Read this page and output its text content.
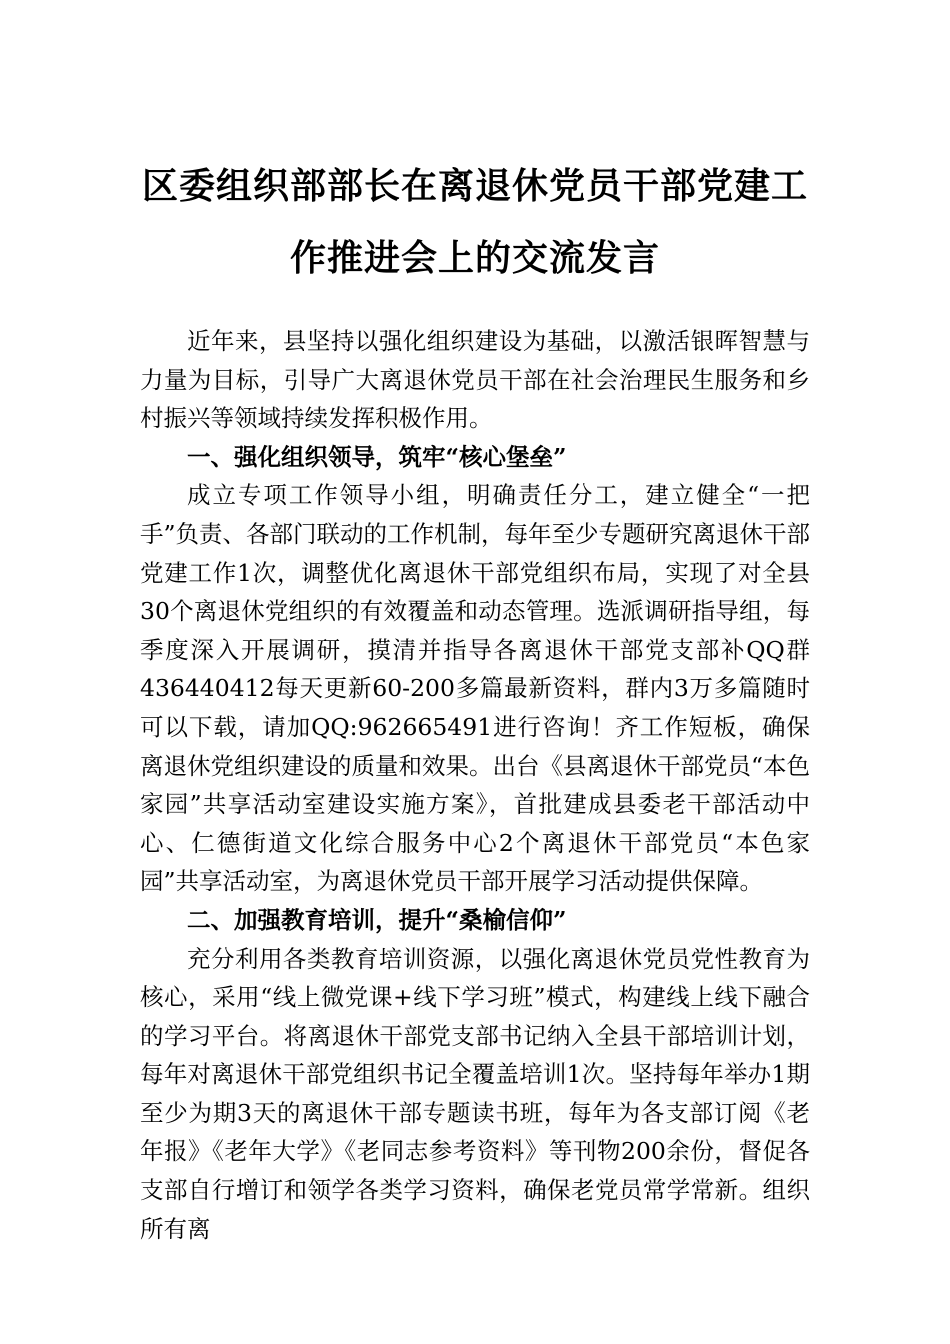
区委组织部部长在离退休党员干部党建工
作推进会上的交流发言

近年来，县坚持以强化组织建设为基础，以激活银晖智慧与力量为目标，引导广大离退休党员干部在社会治理民生服务和乡村振兴等领域持续发挥积极作用。

一、强化组织领导，筑牢“核心堡垒”

成立专项工作领导小组，明确责任分工，建立健全“一把手”负责、各部门联动的工作机制，每年至少专题研究离退休干部党建工作1次，调整优化离退休干部党组织布局，实现了对全县30个离退休党组织的有效覆盖和动态管理。选派调研指导组，每季度深入开展调研，摸清并指导各离退休干部党支部补QQ群436440412每天更新60-200多篇最新资料，群内3万多篇随时可以下载，请加QQ:962665491进行咨询！齐工作短板，确保离退休党组织建设的质量和效果。出台《县离退休干部党员“本色家园”共享活动室建设实施方案》，首批建成县委老干部活动中心、仁德街道文化综合服务中心2个离退休干部党员“本色家园”共享活动室，为离退休党员干部开展学习活动提供保障。

二、加强教育培训，提升“桑榆信仰”

充分利用各类教育培训资源，以强化离退休党员党性教育为核心，采用“线上微党课+线下学习班”模式，构建线上线下融合的学习平台。将离退休干部党支部书记纳入全县干部培训计划，每年对离退休干部党组织书记全覆盖培训1次。坚持每年举办1期至少为期3天的离退休干部专题读书班，每年为各支部订阅《老年报》《老年大学》《老同志参考资料》等刊物200余份，督促各支部自行增订和领学各类学习资料，确保老党员常学常新。组织所有离
